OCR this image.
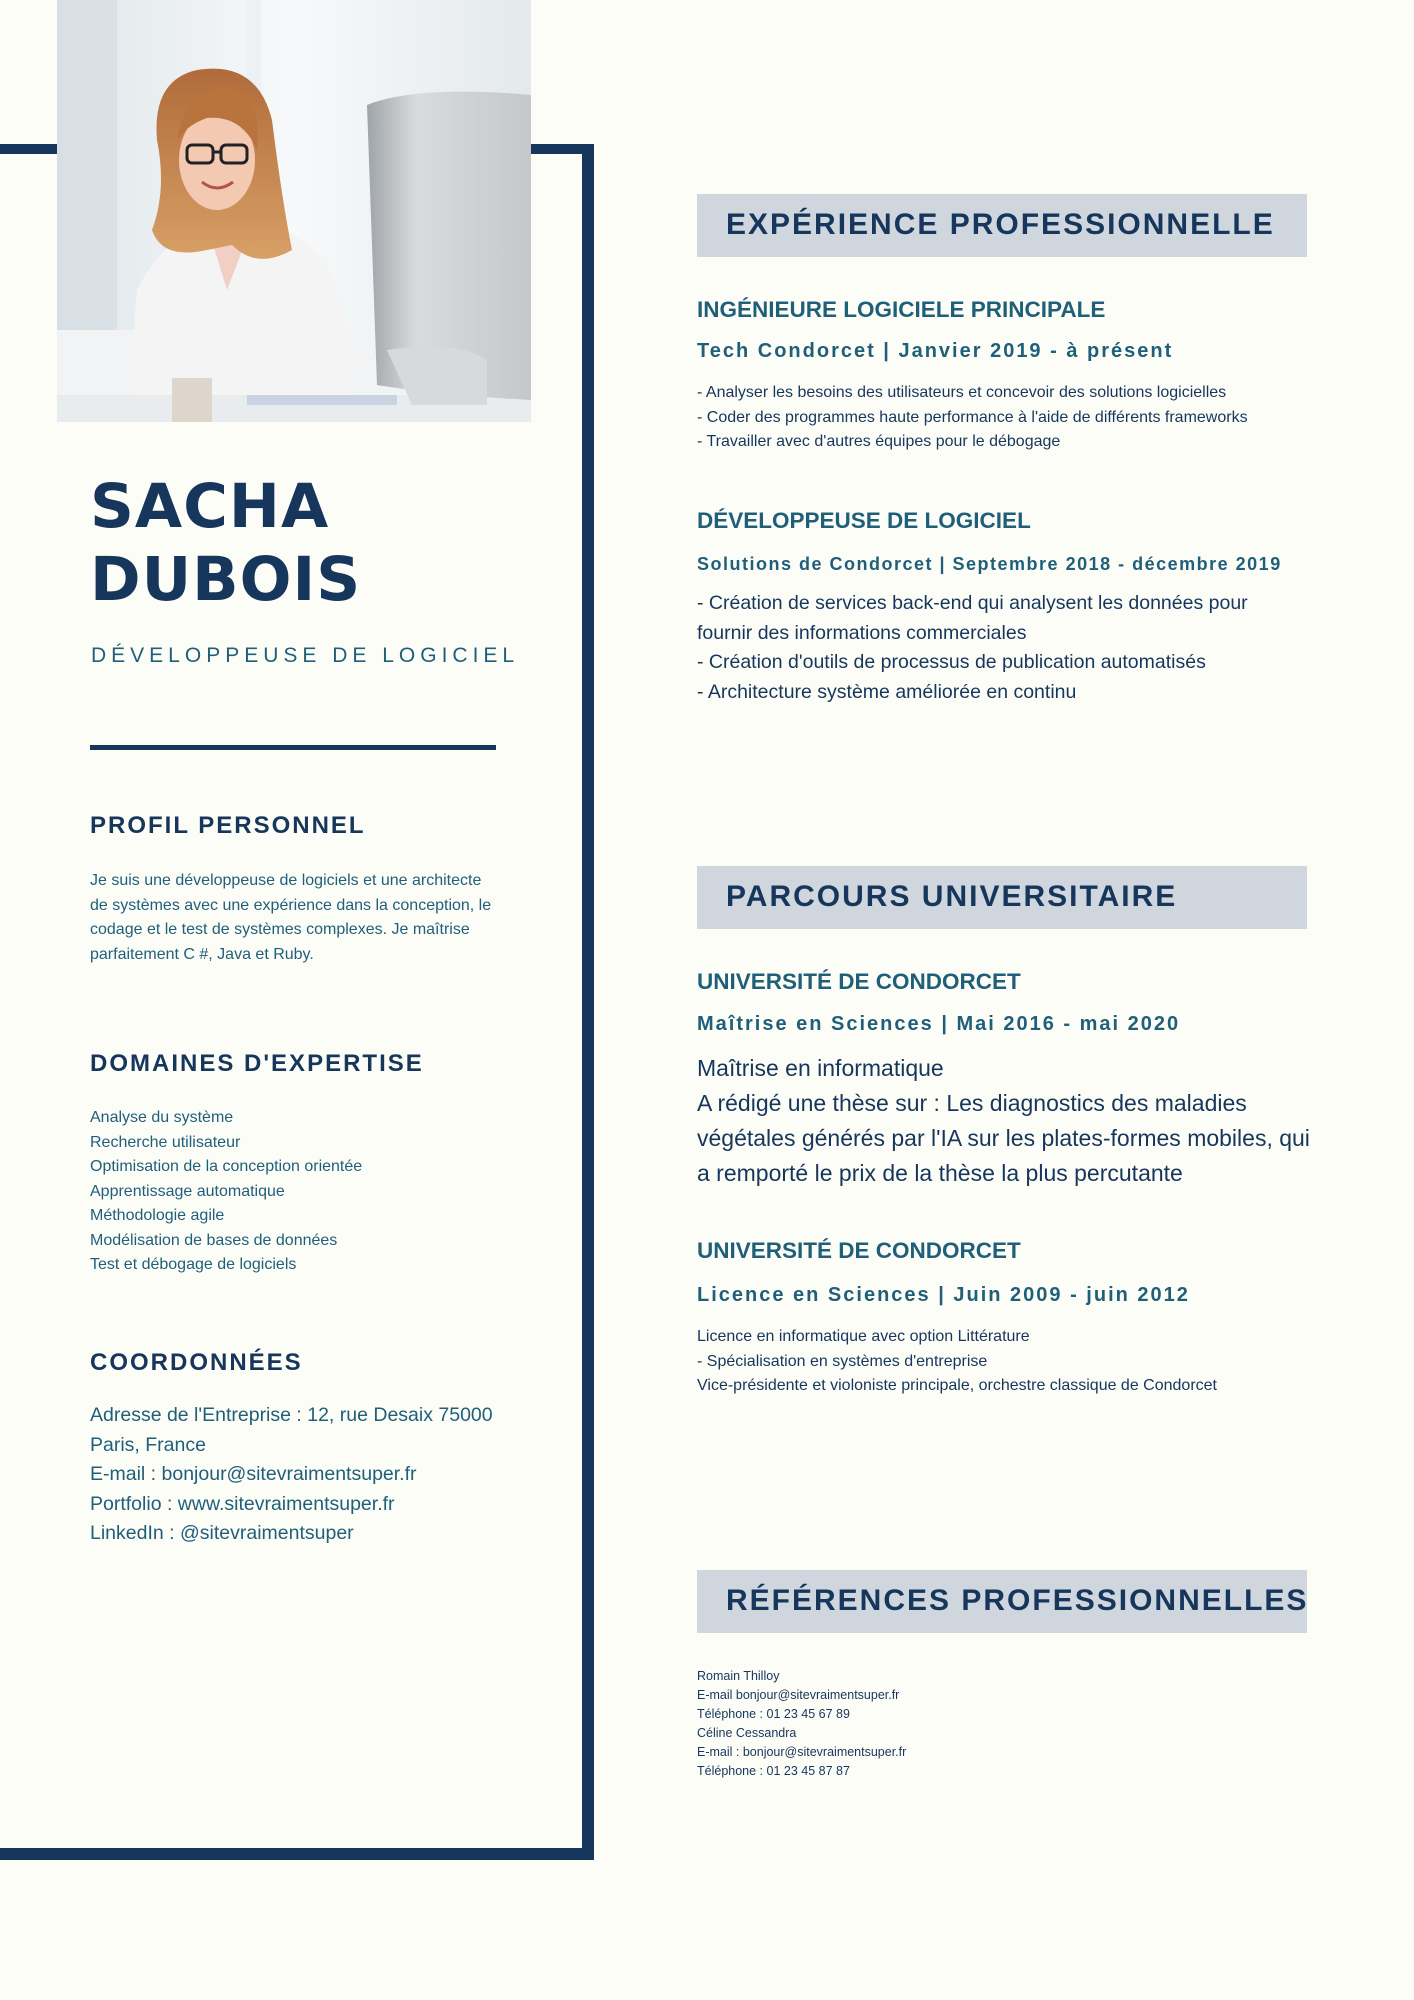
SACHA
DUBOIS
DÉVELOPPEUSE DE LOGICIEL
PROFIL PERSONNEL
Je suis une développeuse de logiciels et une architecte
de systèmes avec une expérience dans la conception, le
codage et le test de systèmes complexes. Je maîtrise
parfaitement C #, Java et Ruby.
DOMAINES D'EXPERTISE
Analyse du système
Recherche utilisateur
Optimisation de la conception orientée
Apprentissage automatique
Méthodologie agile
Modélisation de bases de données
Test et débogage de logiciels
COORDONNÉES
Adresse de l'Entreprise : 12, rue Desaix 75000
Paris, France
E-mail : bonjour@sitevraimentsuper.fr
Portfolio : www.sitevraimentsuper.fr
LinkedIn : @sitevraimentsuper
EXPÉRIENCE PROFESSIONNELLE
INGÉNIEURE LOGICIELE PRINCIPALE
Tech Condorcet | Janvier 2019 - à présent
- Analyser les besoins des utilisateurs et concevoir des solutions logicielles
- Coder des programmes haute performance à l'aide de différents frameworks
- Travailler avec d'autres équipes pour le débogage
DÉVELOPPEUSE DE LOGICIEL
Solutions de Condorcet | Septembre 2018 - décembre 2019
- Création de services back-end qui analysent les données pour
fournir des informations commerciales
- Création d'outils de processus de publication automatisés
- Architecture système améliorée en continu
PARCOURS UNIVERSITAIRE
UNIVERSITÉ DE CONDORCET
Maîtrise en Sciences | Mai 2016 - mai 2020
Maîtrise en informatique
A rédigé une thèse sur : Les diagnostics des maladies
végétales générés par l'IA sur les plates-formes mobiles, qui
a remporté le prix de la thèse la plus percutante
UNIVERSITÉ DE CONDORCET
Licence en Sciences | Juin 2009 - juin 2012
Licence en informatique avec option Littérature
- Spécialisation en systèmes d'entreprise
Vice-présidente et violoniste principale, orchestre classique de Condorcet
RÉFÉRENCES PROFESSIONNELLES
Romain Thilloy
E-mail bonjour@sitevraimentsuper.fr
Téléphone : 01 23 45 67 89
Céline Cessandra
E-mail : bonjour@sitevraimentsuper.fr
Téléphone : 01 23 45 87 87
